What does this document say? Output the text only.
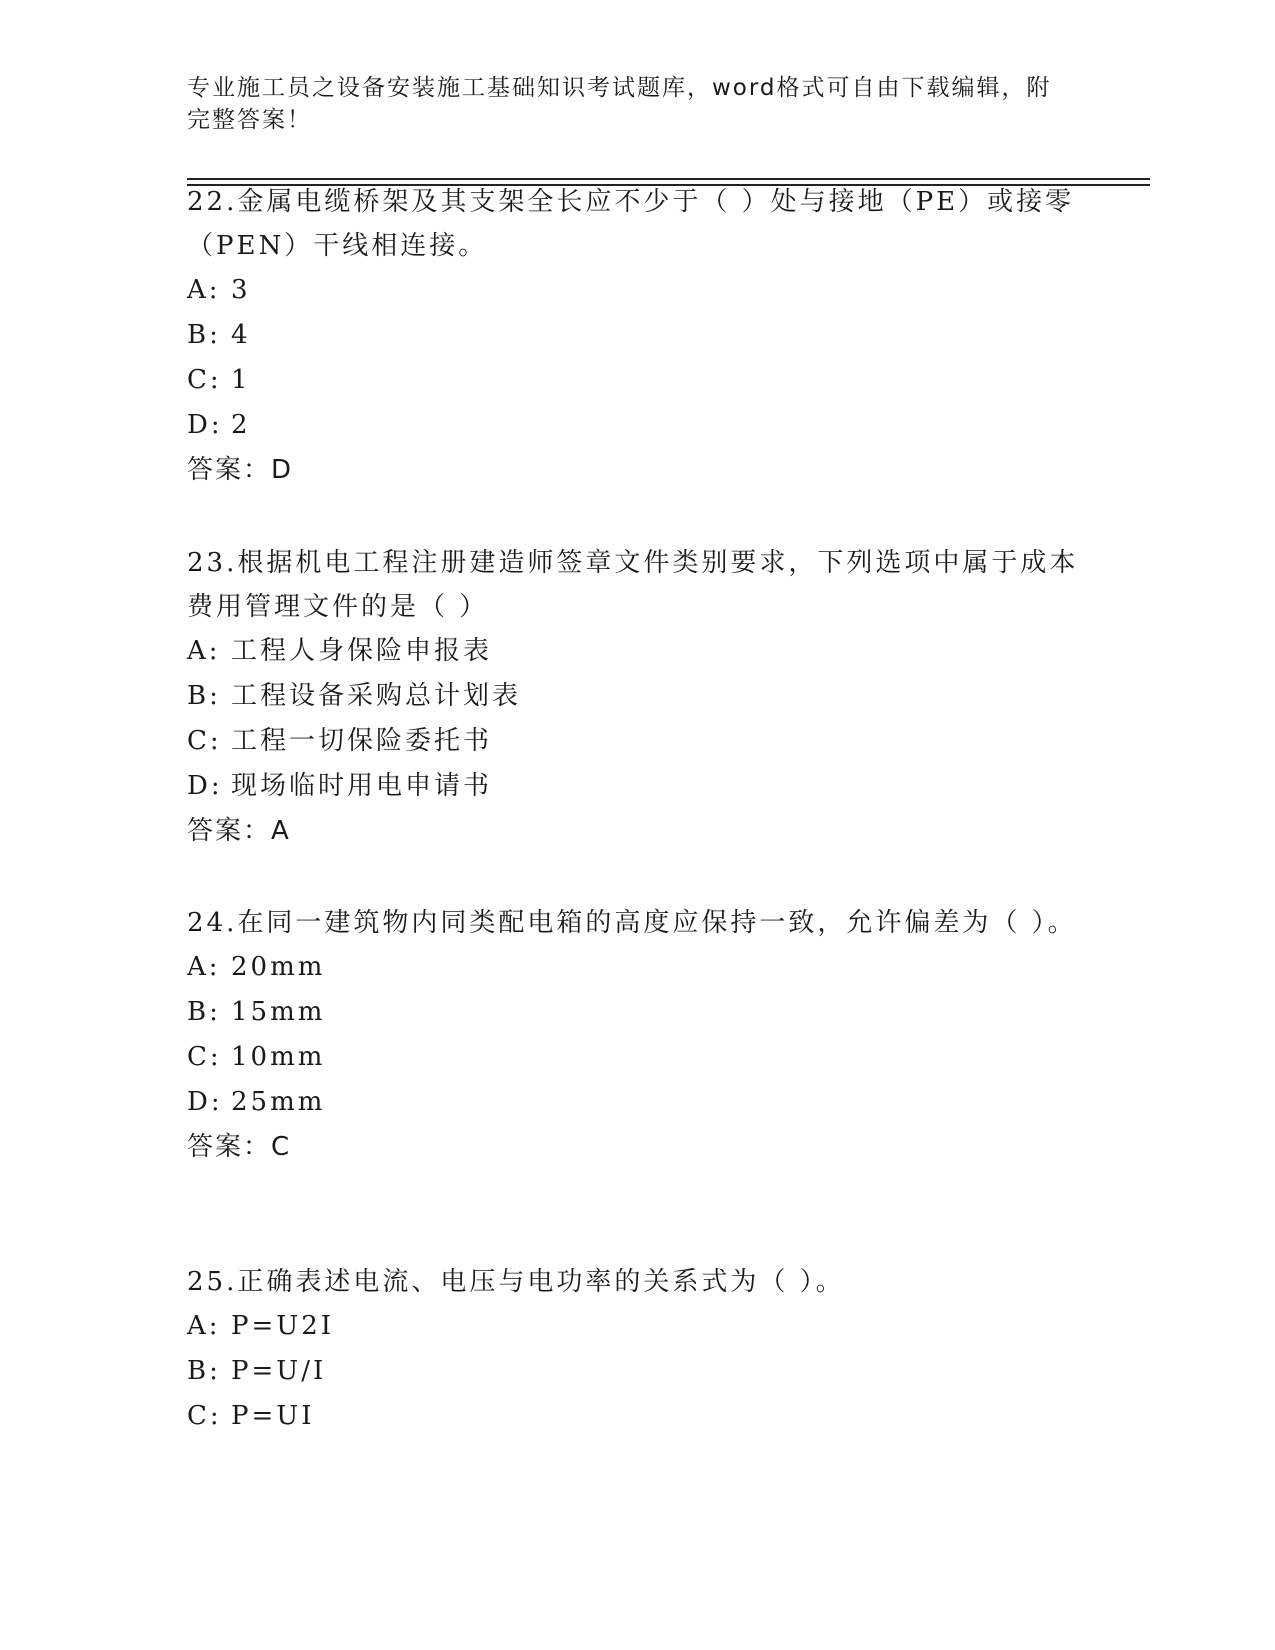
专业施工员之设备安装施工基础知识考试题库，word格式可自由下载编辑，附完整答案！

22.金属电缆桥架及其支架全长应不少于（ ）处与接地（PE）或接零（PEN）干线相连接。

A: 3

B: 4

C: 1

D: 2

答案：D

23.根据机电工程注册建造师签章文件类别要求，下列选项中属于成本费用管理文件的是（ ）

A: 工程人身保险申报表

B: 工程设备采购总计划表

C: 工程一切保险委托书

D: 现场临时用电申请书

答案：A

24.在同一建筑物内同类配电箱的高度应保持一致，允许偏差为（ ）。

A: 20mm

B: 15mm

C: 10mm

D: 25mm

答案：C

25.正确表述电流、电压与电功率的关系式为（ ）。

A: P=U2I

B: P=U/I

C: P=UI
